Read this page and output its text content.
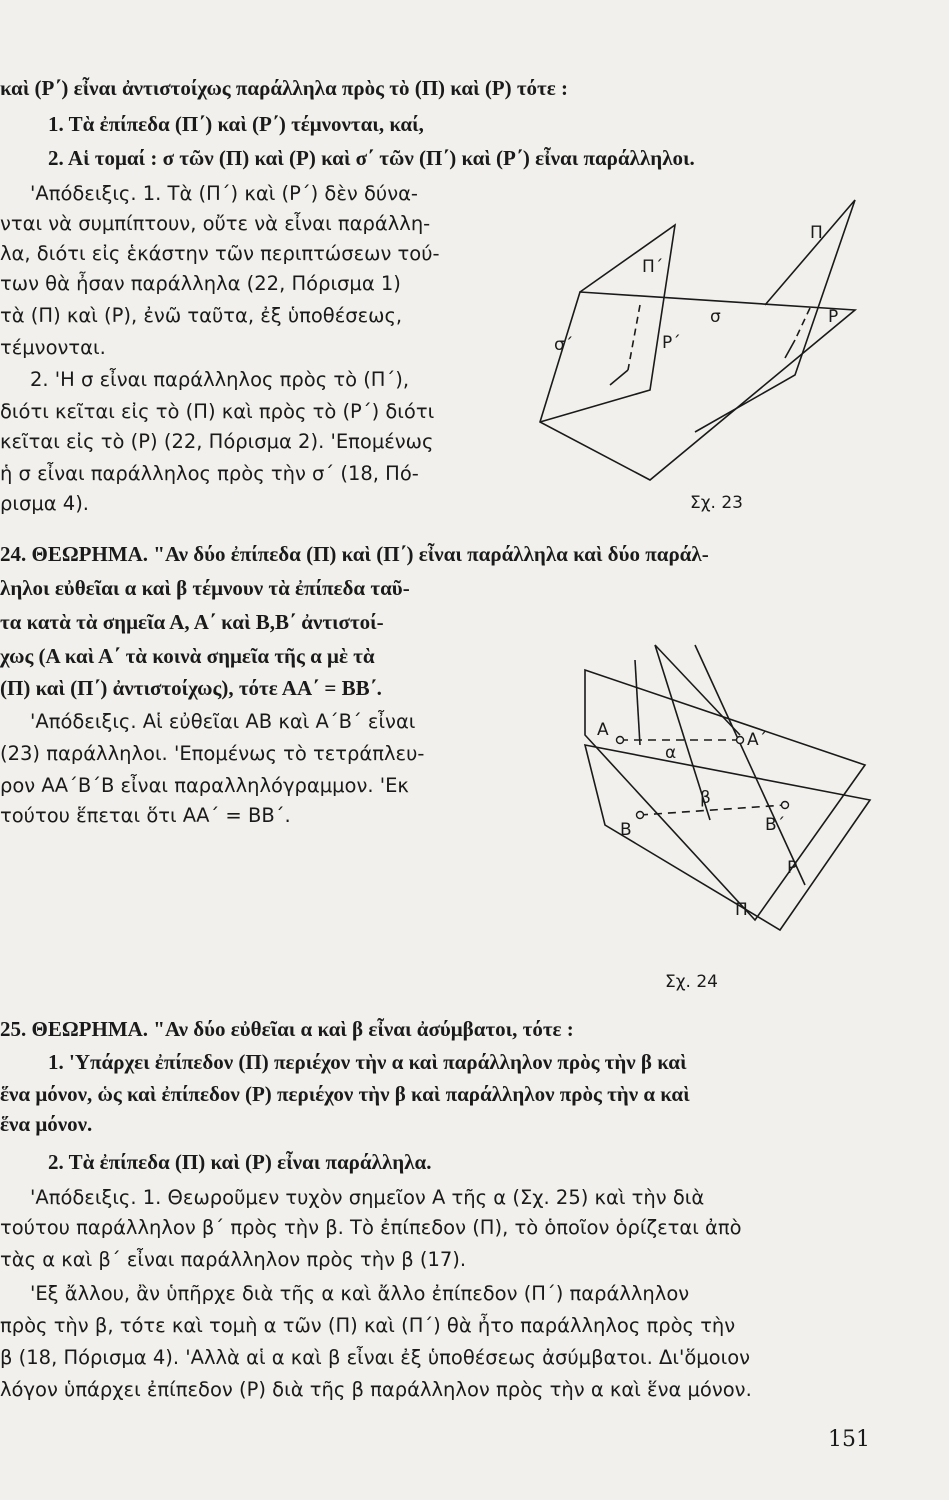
καὶ (Ρ΄) εἶναι ἀντιστοίχως παράλληλα πρὸς τὸ (Π) καὶ (Ρ) τότε :
1. Τὰ ἐπίπεδα (Π΄) καὶ (Ρ΄) τέμνονται, καί,
2. Αἱ τομαί : σ τῶν (Π) καὶ (Ρ) καὶ σ΄ τῶν (Π΄) καὶ (Ρ΄) εἶναι παράλληλοι.
'Απόδειξις. 1. Τὰ (Π΄) καὶ (Ρ΄) δὲν δύνα-
νται νὰ συμπίπτουν, οὔτε νὰ εἶναι παράλλη-
λα, διότι εἰς ἑκάστην τῶν περιπτώσεων τού-
των θὰ ἦσαν παράλληλα (22, Πόρισμα 1)
τὰ (Π) καὶ (Ρ), ἐνῶ ταῦτα, ἐξ ὑποθέσεως,
τέμνονται.
2. 'Η σ εἶναι παράλληλος πρὸς τὸ (Π΄),
διότι κεῖται εἰς τὸ (Π) καὶ πρὸς τὸ (Ρ΄) διότι
κεῖται εἰς τὸ (Ρ) (22, Πόρισμα 2). 'Επομένως
ἡ σ εἶναι παράλληλος πρὸς τὴν σ΄ (18, Πό-
ρισμα 4).
Π
Π΄
σ
σ΄
Ρ
Ρ΄
Σχ. 23
24. ΘΕΩΡΗΜΑ. "Αν δύο ἐπίπεδα (Π) καὶ (Π΄) εἶναι παράλληλα καὶ δύο παράλ-
ληλοι εὐθεῖαι α καὶ β τέμνουν τὰ ἐπίπεδα ταῦ-
τα κατὰ τὰ σημεῖα Α, Α΄ καὶ Β,Β΄ ἀντιστοί-
χως (Α καὶ Α΄ τὰ κοινὰ σημεῖα τῆς α μὲ τὰ
(Π) καὶ (Π΄) ἀντιστοίχως), τότε ΑΑ΄ = ΒΒ΄.
'Απόδειξις. Αἱ εὐθεῖαι ΑΒ καὶ Α΄Β΄ εἶναι
(23) παράλληλοι. 'Επομένως τὸ τετράπλευ-
ρον ΑΑ΄Β΄Β εἶναι παραλληλόγραμμον. 'Εκ
τούτου ἕπεται ὅτι ΑΑ΄ = ΒΒ΄.
Α	Α΄
α
β
Β	Β΄
Ρ
Π
Σχ. 24
25. ΘΕΩΡΗΜΑ. "Αν δύο εὐθεῖαι α καὶ β εἶναι ἀσύμβατοι, τότε :
1. 'Υπάρχει ἐπίπεδον (Π) περιέχον τὴν α καὶ παράλληλον πρὸς τὴν β καὶ
ἕνα μόνον, ὡς καὶ ἐπίπεδον (Ρ) περιέχον τὴν β καὶ παράλληλον πρὸς τὴν α καὶ
ἕνα μόνον.
2. Τὰ ἐπίπεδα (Π) καὶ (Ρ) εἶναι παράλληλα.
'Απόδειξις. 1. Θεωροῦμεν τυχὸν σημεῖον Α τῆς α (Σχ. 25) καὶ τὴν διὰ
τούτου παράλληλον β΄ πρὸς τὴν β. Τὸ ἐπίπεδον (Π), τὸ ὁποῖον ὁρίζεται ἀπὸ
τὰς α καὶ β΄ εἶναι παράλληλον πρὸς τὴν β (17).
'Εξ ἄλλου, ἂν ὑπῆρχε διὰ τῆς α καὶ ἄλλο ἐπίπεδον (Π΄) παράλληλον
πρὸς τὴν β, τότε καὶ τομὴ α τῶν (Π) καὶ (Π΄) θὰ ἦτο παράλληλος πρὸς τὴν
β (18, Πόρισμα 4). 'Αλλὰ αἱ α καὶ β εἶναι ἐξ ὑποθέσεως ἀσύμβατοι. Δι'ὅμοιον
λόγον ὑπάρχει ἐπίπεδον (Ρ) διὰ τῆς β παράλληλον πρὸς τὴν α καὶ ἕνα μόνον.
151
